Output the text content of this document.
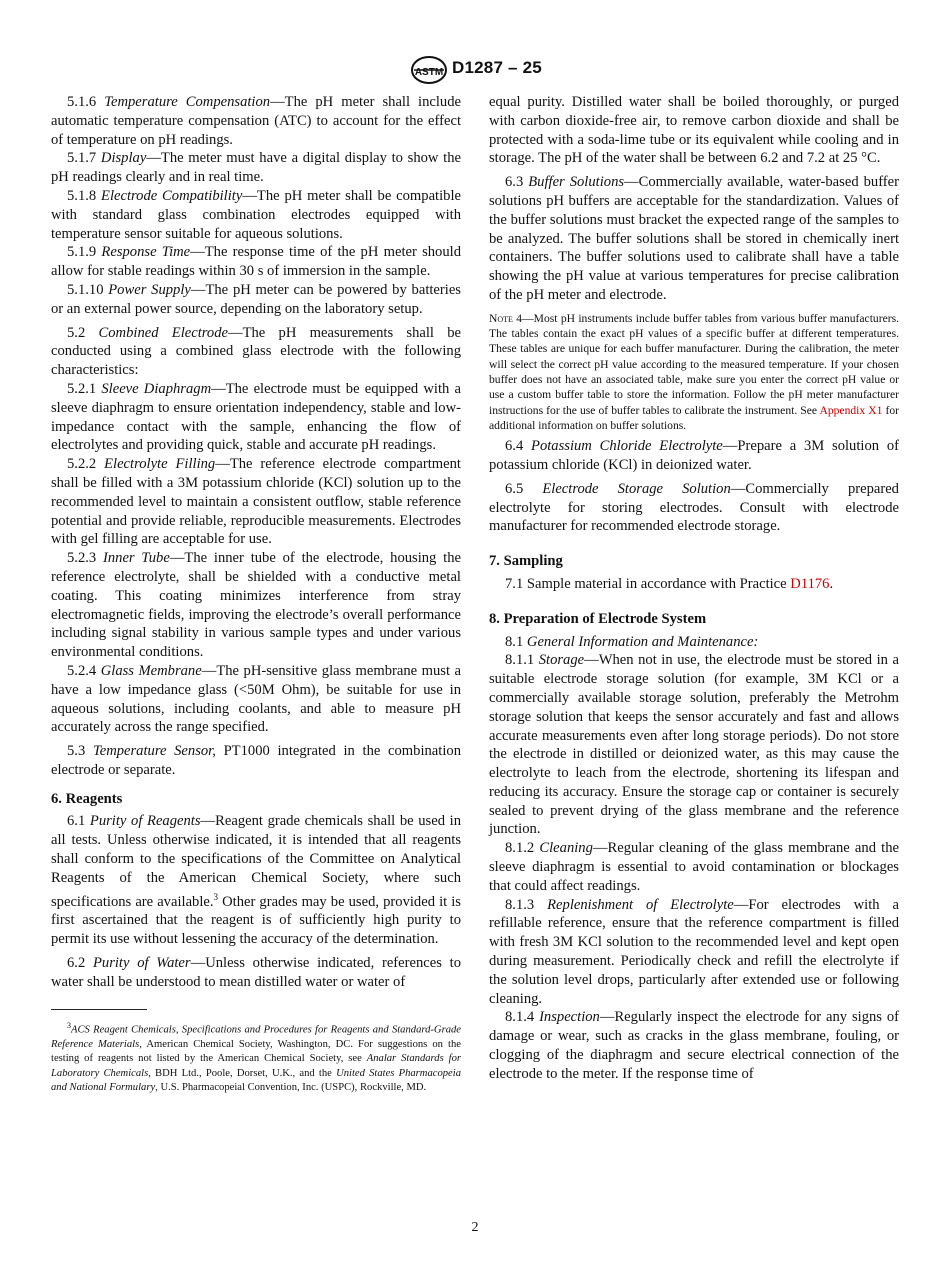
ASTM D1287 – 25

5.1.6 Temperature Compensation—The pH meter shall include automatic temperature compensation (ATC) to account for the effect of temperature on pH readings.

5.1.7 Display—The meter must have a digital display to show the pH readings clearly and in real time.

5.1.8 Electrode Compatibility—The pH meter shall be compatible with standard glass combination electrodes equipped with temperature sensor suitable for aqueous solutions.

5.1.9 Response Time—The response time of the pH meter should allow for stable readings within 30 s of immersion in the sample.

5.1.10 Power Supply—The pH meter can be powered by batteries or an external power source, depending on the laboratory setup.

5.2 Combined Electrode—The pH measurements shall be conducted using a combined glass electrode with the following characteristics:

5.2.1 Sleeve Diaphragm—The electrode must be equipped with a sleeve diaphragm to ensure orientation independency, stable and low-impedance contact with the sample, enhancing the flow of electrolytes and providing quick, stable and accurate pH readings.

5.2.2 Electrolyte Filling—The reference electrode compartment shall be filled with a 3M potassium chloride (KCl) solution up to the recommended level to maintain a consistent outflow, stable reference potential and provide reliable, reproducible measurements. Electrodes with gel filling are acceptable for use.

5.2.3 Inner Tube—The inner tube of the electrode, housing the reference electrolyte, shall be shielded with a conductive metal coating. This coating minimizes interference from stray electromagnetic fields, improving the electrode’s overall performance including signal stability in various sample types and under various environmental conditions.

5.2.4 Glass Membrane—The pH-sensitive glass membrane must a have a low impedance glass (<50M Ohm), be suitable for use in aqueous solutions, including coolants, and able to measure pH accurately across the range specified.

5.3 Temperature Sensor, PT1000 integrated in the combination electrode or separate.

6. Reagents

6.1 Purity of Reagents—Reagent grade chemicals shall be used in all tests. Unless otherwise indicated, it is intended that all reagents shall conform to the specifications of the Committee on Analytical Reagents of the American Chemical Society, where such specifications are available.$^3$ Other grades may be used, provided it is first ascertained that the reagent is of sufficiently high purity to permit its use without lessening the accuracy of the determination.

6.2 Purity of Water—Unless otherwise indicated, references to water shall be understood to mean distilled water or water of

$^3$ACS Reagent Chemicals, Specifications and Procedures for Reagents and Standard-Grade Reference Materials, American Chemical Society, Washington, DC. For suggestions on the testing of reagents not listed by the American Chemical Society, see Analar Standards for Laboratory Chemicals, BDH Ltd., Poole, Dorset, U.K., and the United States Pharmacopeia and National Formulary, U.S. Pharmacopeial Convention, Inc. (USPC), Rockville, MD.

equal purity. Distilled water shall be boiled thoroughly, or purged with carbon dioxide-free air, to remove carbon dioxide and shall be protected with a soda-lime tube or its equivalent while cooling and in storage. The pH of the water shall be between 6.2 and 7.2 at 25 °C.

6.3 Buffer Solutions—Commercially available, water-based buffer solutions pH buffers are acceptable for the standardization. Values of the buffer solutions must bracket the expected range of the samples to be analyzed. The buffer solutions shall be stored in chemically inert containers. The buffer solutions used to calibrate shall have a table showing the pH value at various temperatures for precise calibration of the pH meter and electrode.

Note 4—Most pH instruments include buffer tables from various buffer manufacturers. The tables contain the exact pH values of a specific buffer at different temperatures. These tables are unique for each buffer manufacturer. During the calibration, the meter will select the correct pH value according to the measured temperature. If your chosen buffer does not have an associated table, make sure you enter the correct pH value or use a custom buffer table to store the information. Follow the pH meter manufacturer instructions for the use of buffer tables to calibrate the instrument. See Appendix X1 for additional information on buffer solutions.

6.4 Potassium Chloride Electrolyte—Prepare a 3M solution of potassium chloride (KCl) in deionized water.

6.5 Electrode Storage Solution—Commercially prepared electrolyte for storing electrodes. Consult with electrode manufacturer for recommended electrode storage.

7. Sampling

7.1 Sample material in accordance with Practice D1176.

8. Preparation of Electrode System

8.1 General Information and Maintenance:

8.1.1 Storage—When not in use, the electrode must be stored in a suitable electrode storage solution (for example, 3M KCl or a commercially available storage solution, preferably the Metrohm storage solution that keeps the sensor accurately and fast and allows accurate measurements even after long storage periods). Do not store the electrode in distilled or deionized water, as this may cause the electrolyte to leach from the electrode, shortening its lifespan and reducing its accuracy. Ensure the storage cap or container is securely sealed to prevent drying of the glass membrane and the reference junction.

8.1.2 Cleaning—Regular cleaning of the glass membrane and the sleeve diaphragm is essential to avoid contamination or blockages that could affect readings.

8.1.3 Replenishment of Electrolyte—For electrodes with a refillable reference, ensure that the reference compartment is filled with fresh 3M KCl solution to the recommended level and kept open during measurement. Periodically check and refill the electrolyte if the solution level drops, particularly after extended use or following cleaning.

8.1.4 Inspection—Regularly inspect the electrode for any signs of damage or wear, such as cracks in the glass membrane, fouling, or clogging of the diaphragm and secure electrical connection of the electrode to the meter. If the response time of

2
